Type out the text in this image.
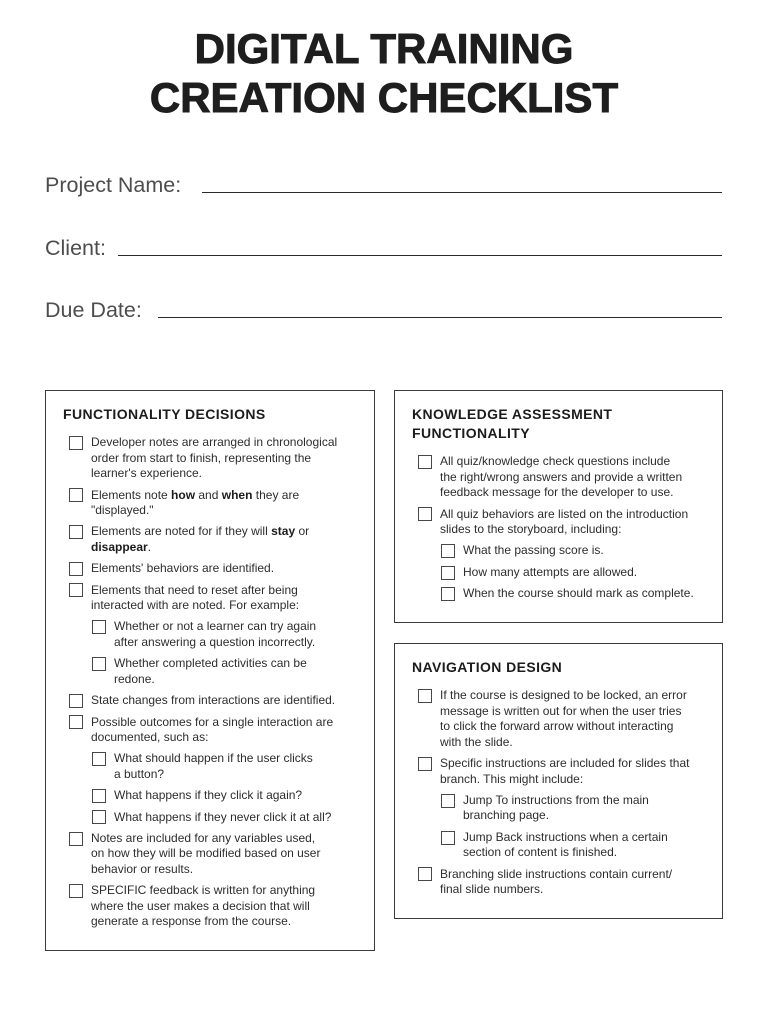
DIGITAL TRAINING
CREATION CHECKLIST
Project Name:
Client:
Due Date:
FUNCTIONALITY DECISIONS
Developer notes are arranged in chronological
order from start to finish, representing the
learner's experience.
Elements note how and when they are
"displayed."
Elements are noted for if they will stay or
disappear.
Elements' behaviors are identified.
Elements that need to reset after being
interacted with are noted. For example:
Whether or not a learner can try again
after answering a question incorrectly.
Whether completed activities can be
redone.
State changes from interactions are identified.
Possible outcomes for a single interaction are
documented, such as:
What should happen if the user clicks
a button?
What happens if they click it again?
What happens if they never click it at all?
Notes are included for any variables used,
on how they will be modified based on user
behavior or results.
SPECIFIC feedback is written for anything
where the user makes a decision that will
generate a response from the course.
KNOWLEDGE ASSESSMENT
FUNCTIONALITY
All quiz/knowledge check questions include
the right/wrong answers and provide a written
feedback message for the developer to use.
All quiz behaviors are listed on the introduction
slides to the storyboard, including:
What the passing score is.
How many attempts are allowed.
When the course should mark as complete.
NAVIGATION DESIGN
If the course is designed to be locked, an error
message is written out for when the user tries
to click the forward arrow without interacting
with the slide.
Specific instructions are included for slides that
branch. This might include:
Jump To instructions from the main
branching page.
Jump Back instructions when a certain
section of content is finished.
Branching slide instructions contain current/
final slide numbers.
